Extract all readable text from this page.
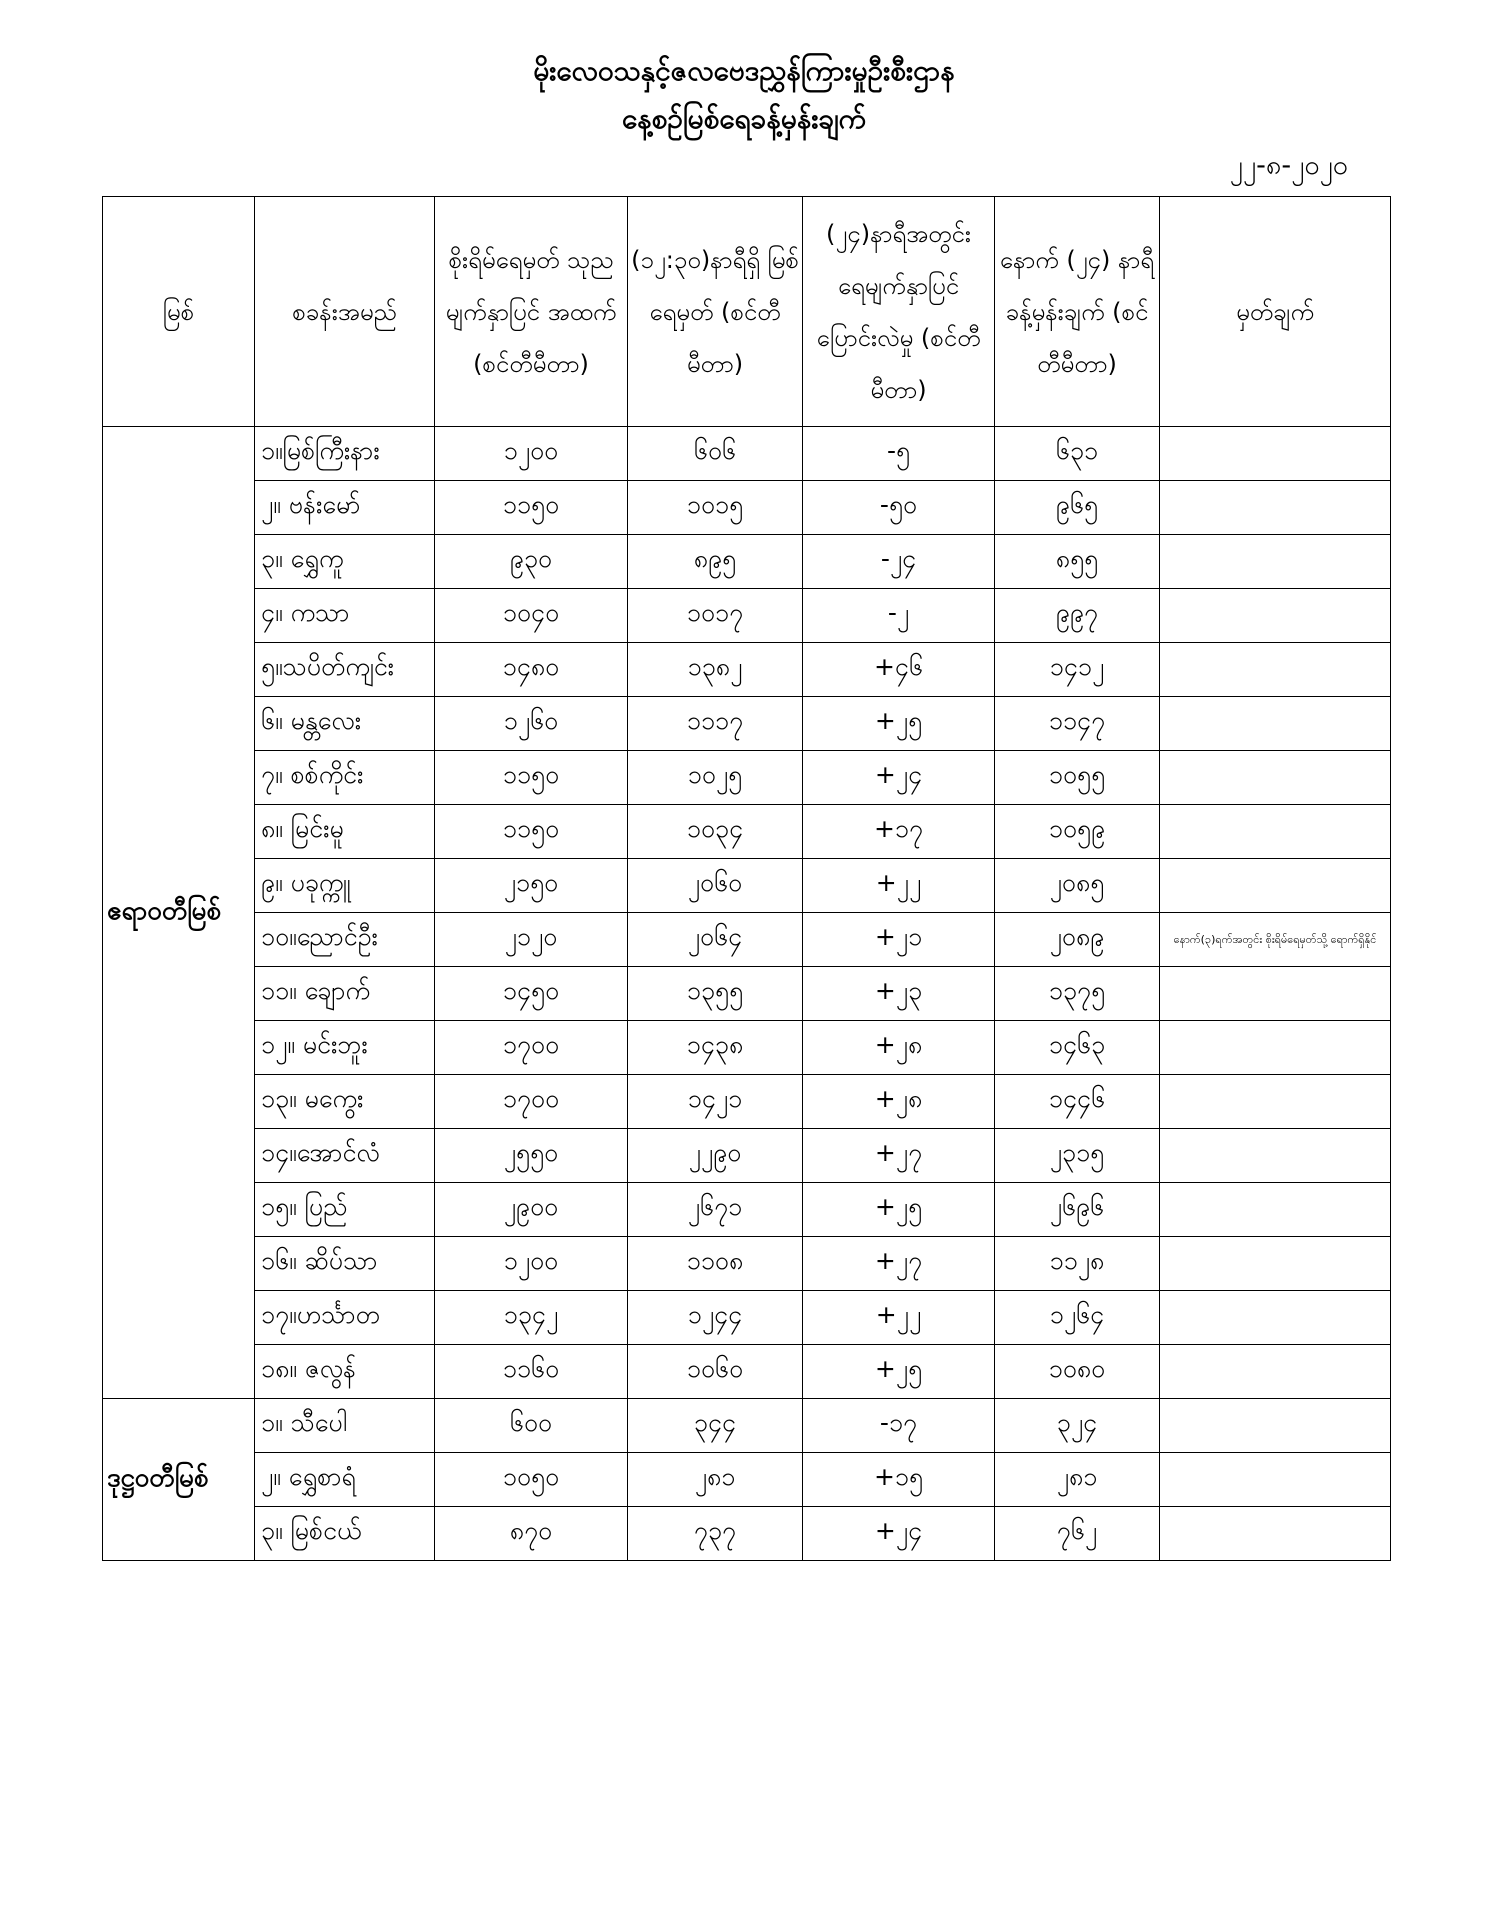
မိုးလေဝသနှင့်ဇလဗေဒညွှန်ကြားမှုဦးစီးဌာန
နေ့စဉ်မြစ်ရေခန့်မှန်းချက်
၂၂-၈-၂၀၂၀
မြစ်	စခန်းအမည်	စိုးရိမ်ရေမှတ် သုညမျက်နှာပြင် အထက် (စင်တီမီတာ)	(၁၂:၃၀)နာရီရှိ မြစ်ရေမှတ် (စင်တီမီတာ)	(၂၄)နာရီအတွင်း ရေမျက်နှာပြင် ပြောင်းလဲမှု (စင်တီမီတာ)	နောက် (၂၄) နာရီ ခန့်မှန်းချက် (စင်တီမီတာ)	မှတ်ချက်
ဧရာဝတီမြစ်	၁။မြစ်ကြီးနား	၁၂၀၀	၆၀၆	-၅	၆၃၁	
	၂။ ဗန်းမော်	၁၁၅၀	၁၀၁၅	-၅၀	၉၆၅	
	၃။ ရွှေကူ	၉၃၀	၈၉၅	-၂၄	၈၅၅	
	၄။ ကသာ	၁၀၄၀	၁၀၁၇	-၂	၉၉၇	
	၅။သပိတ်ကျင်း	၁၄၈၀	၁၃၈၂	+၄၆	၁၄၁၂	
	၆။ မန္တလေး	၁၂၆၀	၁၁၁၇	+၂၅	၁၁၄၇	
	၇။ စစ်ကိုင်း	၁၁၅၀	၁၀၂၅	+၂၄	၁၀၅၅	
	၈။ မြင်းမူ	၁၁၅၀	၁၀၃၄	+၁၇	၁၀၅၉	
	၉။ ပခုက္ကူ	၂၁၅၀	၂၀၆၀	+၂၂	၂၀၈၅	
	၁၀။ညောင်ဦး	၂၁၂၀	၂၀၆၄	+၂၁	၂၀၈၉	နောက်(၃)ရက်အတွင်း စိုးရိမ်ရေမှတ်သို့ ရောက်ရှိနိုင်
	၁၁။ ချောက်	၁၄၅၀	၁၃၅၅	+၂၃	၁၃၇၅	
	၁၂။ မင်းဘူး	၁၇၀၀	၁၄၃၈	+၂၈	၁၄၆၃	
	၁၃။ မကွေး	၁၇၀၀	၁၄၂၁	+၂၈	၁၄၄၆	
	၁၄။အောင်လံ	၂၅၅၀	၂၂၉၀	+၂၇	၂၃၁၅	
	၁၅။ ပြည်	၂၉၀၀	၂၆၇၁	+၂၅	၂၆၉၆	
	၁၆။ ဆိပ်သာ	၁၂၀၀	၁၁၀၈	+၂၇	၁၁၂၈	
	၁၇။ဟင်္သာတ	၁၃၄၂	၁၂၄၄	+၂၂	၁၂၆၄	
	၁၈။ ဇလွန်	၁၁၆၀	၁၀၆၀	+၂၅	၁၀၈၀	
ဒုဋ္ဌဝတီမြစ်	၁။ သီပေါ	၆၀၀	၃၄၄	-၁၇	၃၂၄	
	၂။ ရွှေစာရံ	၁၀၅၀	၂၈၁	+၁၅	၂၈၁	
	၃။ မြစ်ငယ်	၈၇၀	၇၃၇	+၂၄	၇၆၂	
